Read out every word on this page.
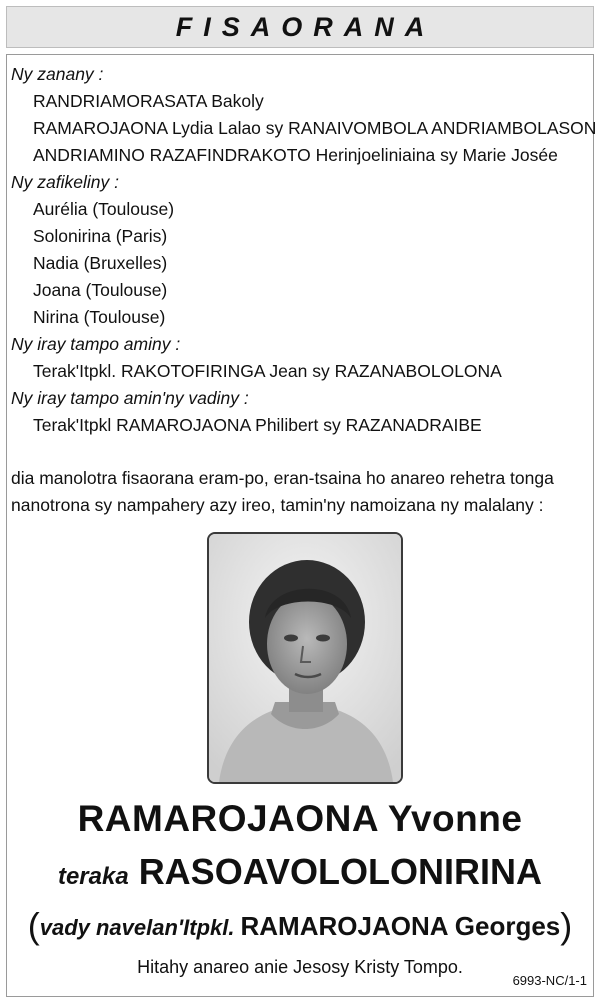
FISAORANA
Ny zanany :
RANDRIAMORASATA Bakoly
RAMAROJAONA Lydia Lalao sy RANAIVOMBOLA ANDRIAMBOLASON
ANDRIAMINO RAZAFINDRAKOTO Herinjoeliniaina sy Marie Josée
Ny zafikeliny :
Aurélia (Toulouse)
Solonirina (Paris)
Nadia (Bruxelles)
Joana (Toulouse)
Nirina (Toulouse)
Ny iray tampo aminy :
Terak'Itpkl. RAKOTOFIRINGA Jean sy RAZANABOLOLONA
Ny iray tampo amin'ny vadiny :
Terak'Itpkl RAMAROJAONA Philibert sy RAZANADRAIBE
dia manolotra fisaorana eram-po, eran-tsaina ho anareo rehetra tonga
nanotrona sy nampahery azy ireo, tamin'ny namoizana ny malalany :
RAMAROJAONA Yvonne
teraka RASOAVOLOLONIRINA
(vady navelan'Itpkl. RAMAROJAONA Georges)
Hitahy anareo anie Jesosy Kristy Tompo.
6993-NC/1-1
